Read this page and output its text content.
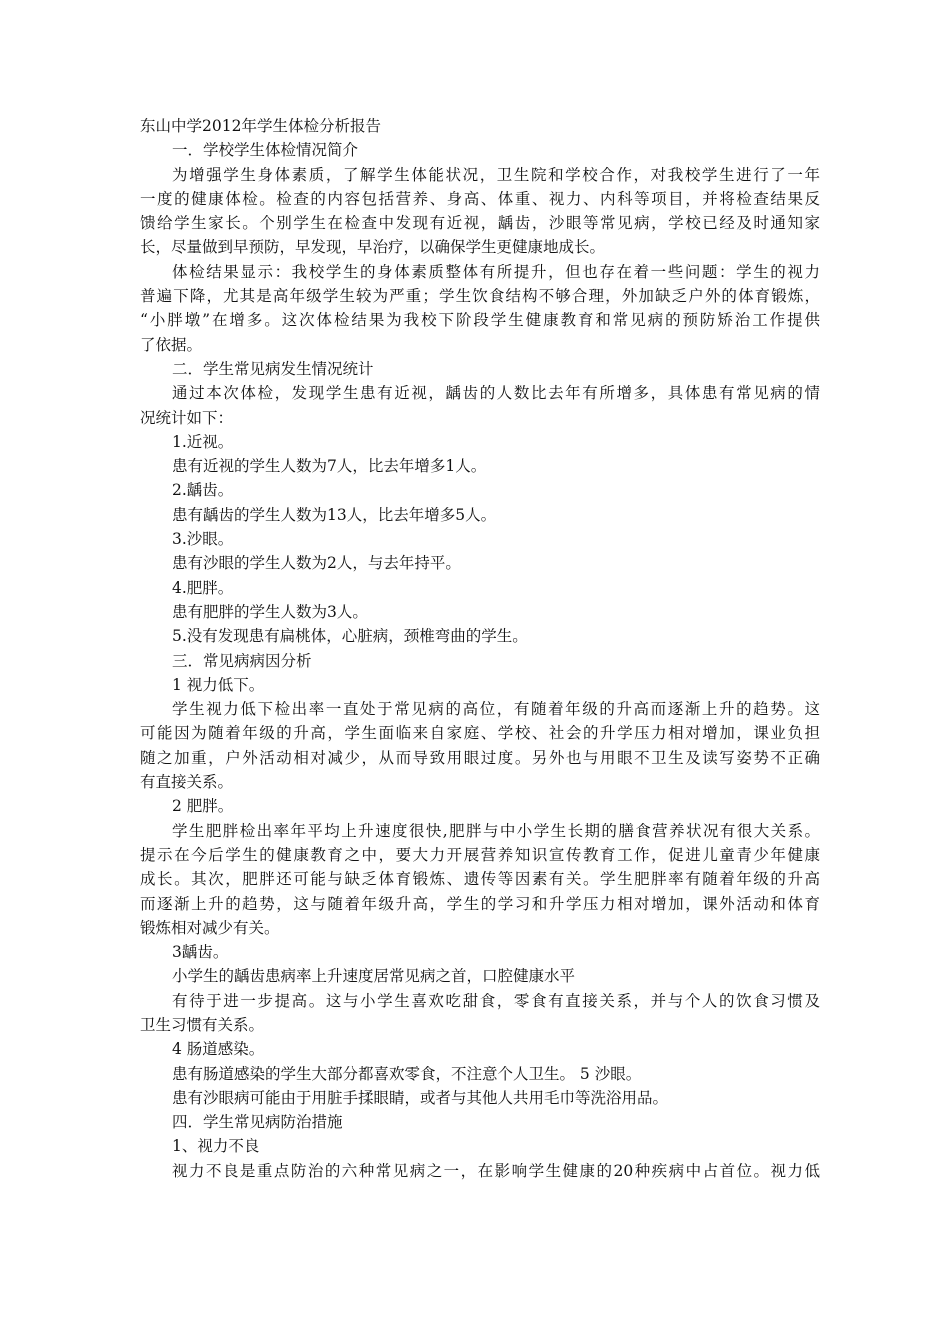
东山中学2012年学生体检分析报告
一．学校学生体检情况简介
为增强学生身体素质，了解学生体能状况，卫生院和学校合作，对我校学生进行了一年
一度的健康体检。检查的内容包括营养、身高、体重、视力、内科等项目，并将检查结果反
馈给学生家长。个别学生在检查中发现有近视，龋齿，沙眼等常见病，学校已经及时通知家
长，尽量做到早预防，早发现，早治疗，以确保学生更健康地成长。
体检结果显示：我校学生的身体素质整体有所提升，但也存在着一些问题：学生的视力
普遍下降，尤其是高年级学生较为严重；学生饮食结构不够合理，外加缺乏户外的体育锻炼，
“小胖墩”在增多。这次体检结果为我校下阶段学生健康教育和常见病的预防矫治工作提供
了依据。
二．学生常见病发生情况统计
通过本次体检，发现学生患有近视，龋齿的人数比去年有所增多，具体患有常见病的情
况统计如下：
1.近视。
患有近视的学生人数为7人，比去年增多1人。
2.龋齿。
患有龋齿的学生人数为13人，比去年增多5人。
3.沙眼。
患有沙眼的学生人数为2人，与去年持平。
4.肥胖。
患有肥胖的学生人数为3人。
5.没有发现患有扁桃体，心脏病，颈椎弯曲的学生。
三．常见病病因分析
1 视力低下。
学生视力低下检出率一直处于常见病的高位，有随着年级的升高而逐渐上升的趋势。这
可能因为随着年级的升高，学生面临来自家庭、学校、社会的升学压力相对增加，课业负担
随之加重，户外活动相对减少，从而导致用眼过度。另外也与用眼不卫生及读写姿势不正确
有直接关系。
2 肥胖。
学生肥胖检出率年平均上升速度很快,肥胖与中小学生长期的膳食营养状况有很大关系。
提示在今后学生的健康教育之中，要大力开展营养知识宣传教育工作，促进儿童青少年健康
成长。其次，肥胖还可能与缺乏体育锻炼、遗传等因素有关。学生肥胖率有随着年级的升高
而逐渐上升的趋势，这与随着年级升高，学生的学习和升学压力相对增加，课外活动和体育
锻炼相对减少有关。
3龋齿。
小学生的龋齿患病率上升速度居常见病之首，口腔健康水平
有待于进一步提高。这与小学生喜欢吃甜食，零食有直接关系，并与个人的饮食习惯及
卫生习惯有关系。
4 肠道感染。
患有肠道感染的学生大部分都喜欢零食，不注意个人卫生。 5 沙眼。
患有沙眼病可能由于用脏手揉眼睛，或者与其他人共用毛巾等洗浴用品。
四．学生常见病防治措施
1、视力不良
视力不良是重点防治的六种常见病之一，在影响学生健康的20种疾病中占首位。视力低
